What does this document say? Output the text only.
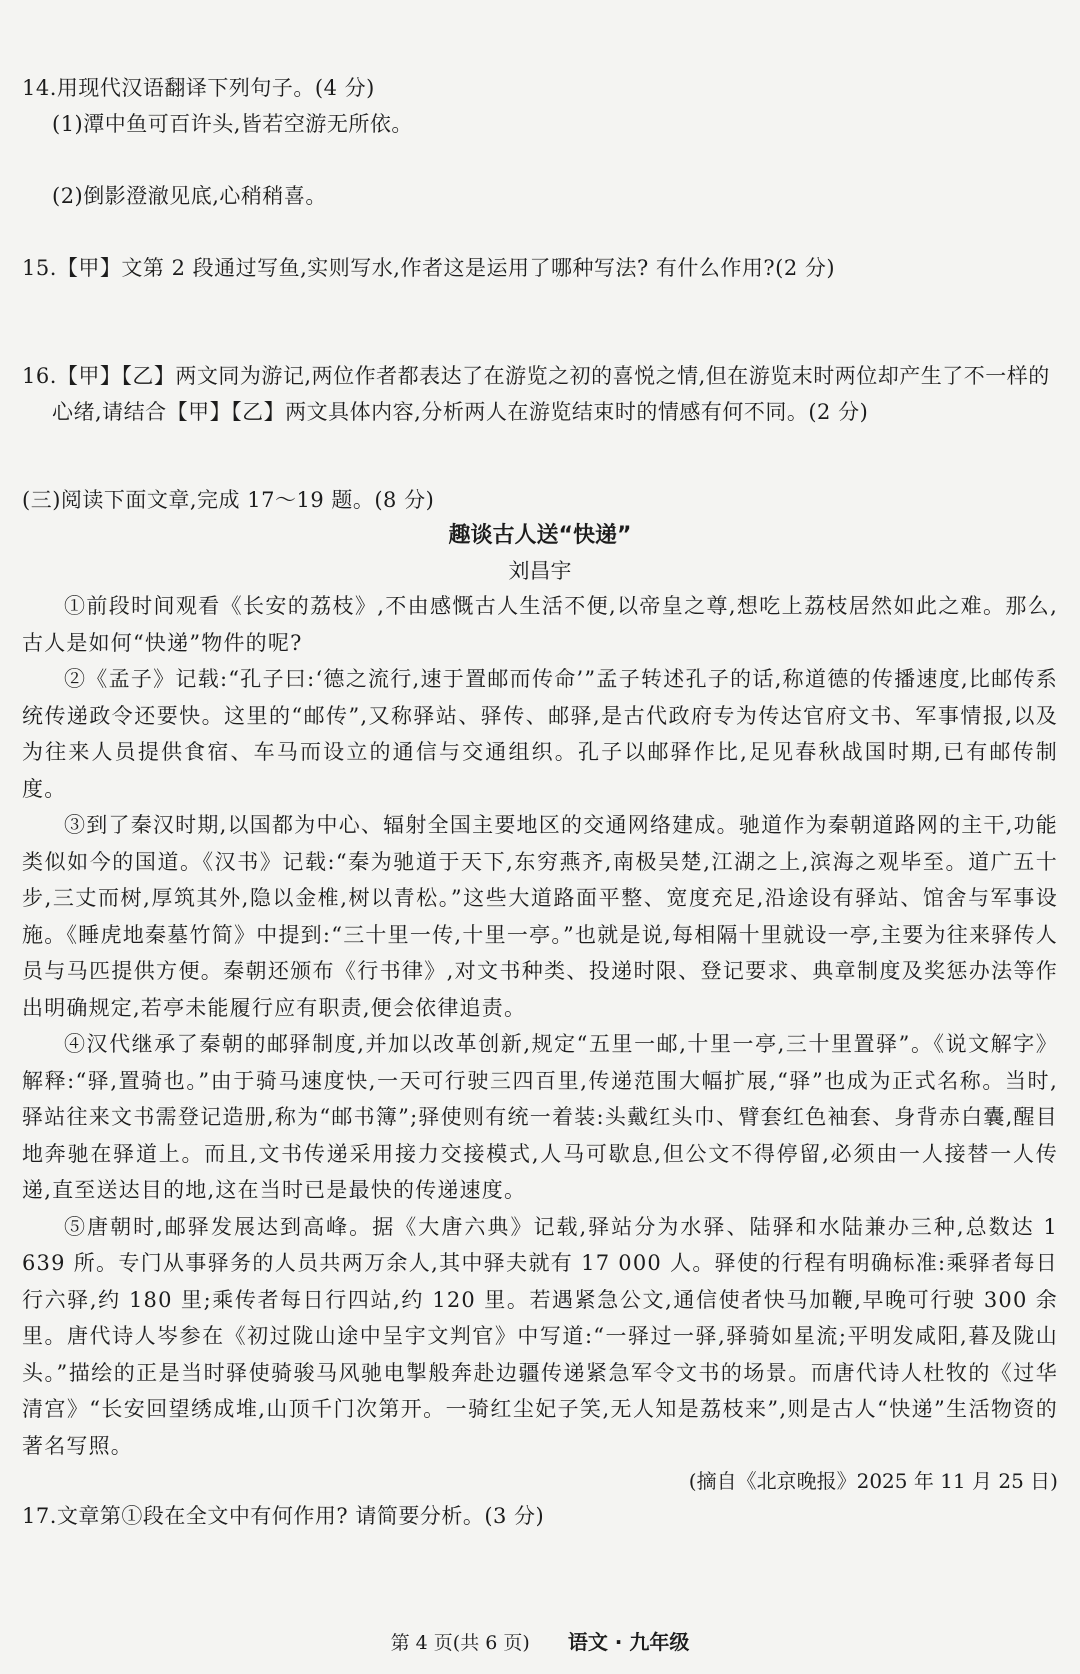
14.用现代汉语翻译下列句子。(4 分)

(1)潭中鱼可百许头,皆若空游无所依。

(2)倒影澄澈见底,心稍稍喜。

15.【甲】文第 2 段通过写鱼,实则写水,作者这是运用了哪种写法? 有什么作用?(2 分)

16.【甲】【乙】两文同为游记,两位作者都表达了在游览之初的喜悦之情,但在游览末时两位却产生了不一样的心绪,请结合【甲】【乙】两文具体内容,分析两人在游览结束时的情感有何不同。(2 分)

(三)阅读下面文章,完成 17～19 题。(8 分)

趣谈古人送“快递”

刘昌宇

①前段时间观看《长安的荔枝》,不由感慨古人生活不便,以帝皇之尊,想吃上荔枝居然如此之难。那么,古人是如何“快递”物件的呢?

②《孟子》记载:“孔子曰:‘德之流行,速于置邮而传命’”孟子转述孔子的话,称道德的传播速度,比邮传系统传递政令还要快。这里的“邮传”,又称驿站、驿传、邮驿,是古代政府专为传达官府文书、军事情报,以及为往来人员提供食宿、车马而设立的通信与交通组织。孔子以邮驿作比,足见春秋战国时期,已有邮传制度。

③到了秦汉时期,以国都为中心、辐射全国主要地区的交通网络建成。驰道作为秦朝道路网的主干,功能类似如今的国道。《汉书》记载:“秦为驰道于天下,东穷燕齐,南极吴楚,江湖之上,滨海之观毕至。道广五十步,三丈而树,厚筑其外,隐以金椎,树以青松。”这些大道路面平整、宽度充足,沿途设有驿站、馆舍与军事设施。《睡虎地秦墓竹简》中提到:“三十里一传,十里一亭。”也就是说,每相隔十里就设一亭,主要为往来驿传人员与马匹提供方便。秦朝还颁布《行书律》,对文书种类、投递时限、登记要求、典章制度及奖惩办法等作出明确规定,若亭未能履行应有职责,便会依律追责。

④汉代继承了秦朝的邮驿制度,并加以改革创新,规定“五里一邮,十里一亭,三十里置驿”。《说文解字》解释:“驿,置骑也。”由于骑马速度快,一天可行驶三四百里,传递范围大幅扩展,“驿”也成为正式名称。当时,驿站往来文书需登记造册,称为“邮书簿”;驿使则有统一着装:头戴红头巾、臂套红色袖套、身背赤白囊,醒目地奔驰在驿道上。而且,文书传递采用接力交接模式,人马可歇息,但公文不得停留,必须由一人接替一人传递,直至送达目的地,这在当时已是最快的传递速度。

⑤唐朝时,邮驿发展达到高峰。据《大唐六典》记载,驿站分为水驿、陆驿和水陆兼办三种,总数达 1 639 所。专门从事驿务的人员共两万余人,其中驿夫就有 17 000 人。驿使的行程有明确标准:乘驿者每日行六驿,约 180 里;乘传者每日行四站,约 120 里。若遇紧急公文,通信使者快马加鞭,早晚可行驶 300 余里。唐代诗人岑参在《初过陇山途中呈宇文判官》中写道:“一驿过一驿,驿骑如星流;平明发咸阳,暮及陇山头。”描绘的正是当时驿使骑骏马风驰电掣般奔赴边疆传递紧急军令文书的场景。而唐代诗人杜牧的《过华清宫》“长安回望绣成堆,山顶千门次第开。一骑红尘妃子笑,无人知是荔枝来”,则是古人“快递”生活物资的著名写照。

(摘自《北京晚报》2025 年 11 月 25 日)

17.文章第①段在全文中有何作用? 请简要分析。(3 分)

第 4 页(共 6 页) 语文 · 九年级
